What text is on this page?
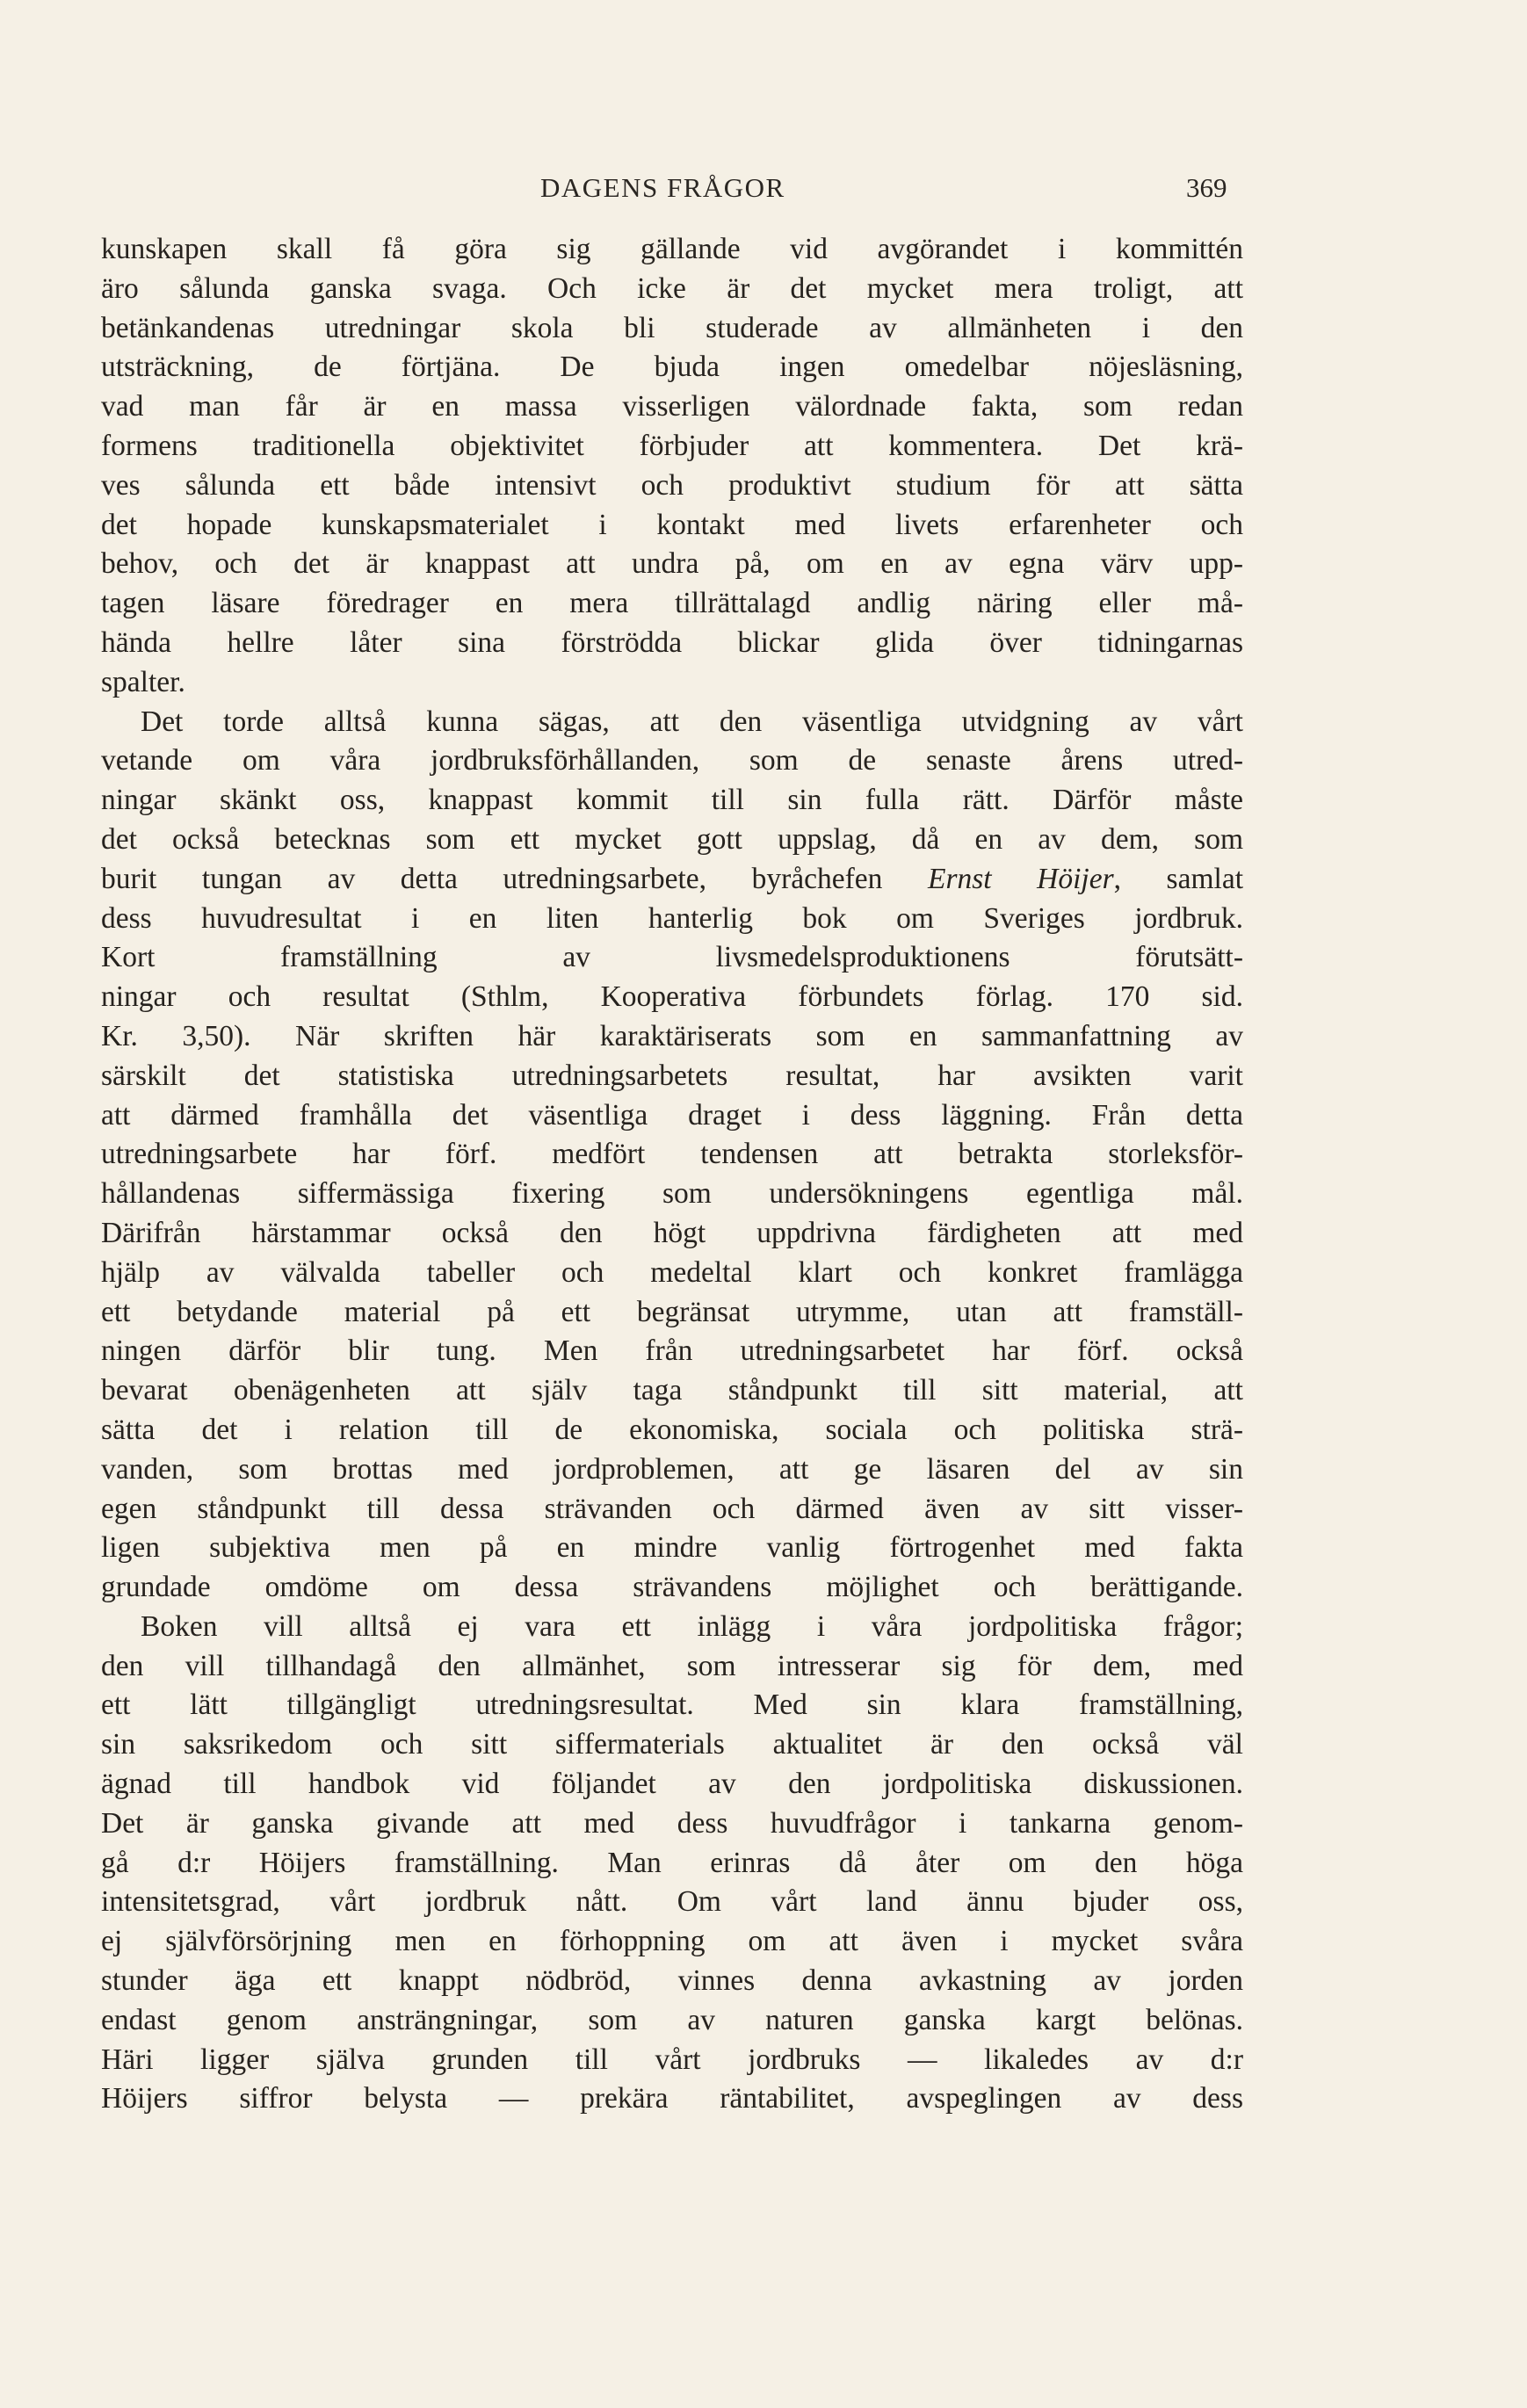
DAGENS FRÅGOR	369
kunskapen skall få göra sig gällande vid avgörandet i kommittén
äro sålunda ganska svaga. Och icke är det mycket mera troligt, att
betänkandenas utredningar skola bli studerade av allmänheten i den
utsträckning, de förtjäna. De bjuda ingen omedelbar nöjesläsning,
vad man får är en massa visserligen välordnade fakta, som redan
formens traditionella objektivitet förbjuder att kommentera. Det krä-
ves sålunda ett både intensivt och produktivt studium för att sätta
det hopade kunskapsmaterialet i kontakt med livets erfarenheter och
behov, och det är knappast att undra på, om en av egna värv upp-
tagen läsare föredrager en mera tillrättalagd andlig näring eller må-
hända hellre låter sina förströdda blickar glida över tidningarnas
spalter.
Det torde alltså kunna sägas, att den väsentliga utvidgning av vårt
vetande om våra jordbruksförhållanden, som de senaste årens utred-
ningar skänkt oss, knappast kommit till sin fulla rätt. Därför måste
det också betecknas som ett mycket gott uppslag, då en av dem, som
burit tungan av detta utredningsarbete, byråchefen Ernst Höijer, samlat
dess huvudresultat i en liten hanterlig bok om Sveriges jordbruk.
Kort framställning av livsmedelsproduktionens förutsätt-
ningar och resultat (Sthlm, Kooperativa förbundets förlag. 170 sid.
Kr. 3,50). När skriften här karaktäriserats som en sammanfattning av
särskilt det statistiska utredningsarbetets resultat, har avsikten varit
att därmed framhålla det väsentliga draget i dess läggning. Från detta
utredningsarbete har förf. medfört tendensen att betrakta storleksför-
hållandenas siffermässiga fixering som undersökningens egentliga mål.
Därifrån härstammar också den högt uppdrivna färdigheten att med
hjälp av välvalda tabeller och medeltal klart och konkret framlägga
ett betydande material på ett begränsat utrymme, utan att framställ-
ningen därför blir tung. Men från utredningsarbetet har förf. också
bevarat obenägenheten att själv taga ståndpunkt till sitt material, att
sätta det i relation till de ekonomiska, sociala och politiska strä-
vanden, som brottas med jordproblemen, att ge läsaren del av sin
egen ståndpunkt till dessa strävanden och därmed även av sitt visser-
ligen subjektiva men på en mindre vanlig förtrogenhet med fakta
grundade omdöme om dessa strävandens möjlighet och berättigande.
Boken vill alltså ej vara ett inlägg i våra jordpolitiska frågor;
den vill tillhandagå den allmänhet, som intresserar sig för dem, med
ett lätt tillgängligt utredningsresultat. Med sin klara framställning,
sin saksrikedom och sitt siffermaterials aktualitet är den också väl
ägnad till handbok vid följandet av den jordpolitiska diskussionen.
Det är ganska givande att med dess huvudfrågor i tankarna genom-
gå d:r Höijers framställning. Man erinras då åter om den höga
intensitetsgrad, vårt jordbruk nått. Om vårt land ännu bjuder oss,
ej självförsörjning men en förhoppning om att även i mycket svåra
stunder äga ett knappt nödbröd, vinnes denna avkastning av jorden
endast genom ansträngningar, som av naturen ganska kargt belönas.
Häri ligger själva grunden till vårt jordbruks — likaledes av d:r
Höijers siffror belysta — prekära räntabilitet, avspeglingen av dess
